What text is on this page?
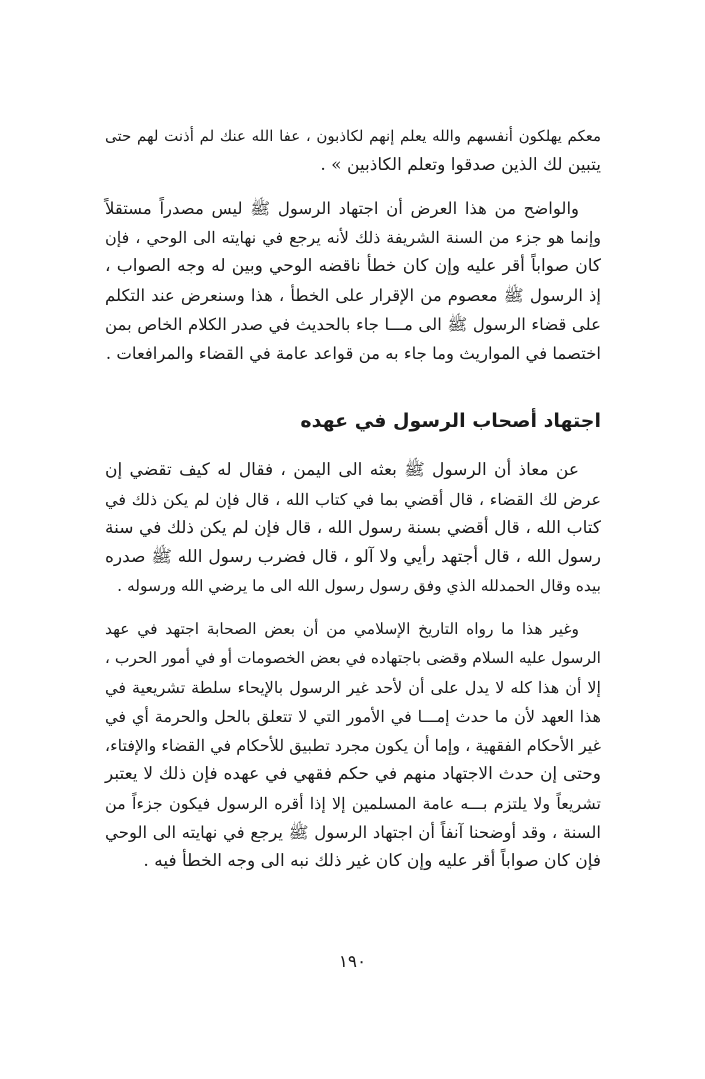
معكم يهلكون أنفسهم والله يعلم إنهم لكاذبون ، عفا الله عنك لم أذنت لهم حتى
يتبين لك الذين صدقوا وتعلم الكاذبين » .
والواضح من هذا العرض أن اجتهاد الرسول ﷺ ليس مصدراً مستقلاً
وإنما هو جزء من السنة الشريفة ذلك لأنه يرجع في نهايته الى الوحي ، فإن
كان صواباً أقر عليه وإن كان خطأ ناقضه الوحي وبين له وجه الصواب ،
إذ الرسول ﷺ معصوم من الإقرار على الخطأ ، هذا وسنعرض عند التكلم
على قضاء الرسول ﷺ الى مـــا جاء بالحديث في صدر الكلام الخاص بمن
اختصما في المواريث وما جاء به من قواعد عامة في القضاء والمرافعات .
اجتهاد أصحاب الرسول في عهده
عن معاذ أن الرسول ﷺ بعثه الى اليمن ، فقال له كيف تقضي إن
عرض لك القضاء ، قال أقضي بما في كتاب الله ، قال فإن لم يكن ذلك في
كتاب الله ، قال أقضي بسنة رسول الله ، قال فإن لم يكن ذلك في سنة
رسول الله ، قال أجتهد رأيي ولا آلو ، قال فضرب رسول الله ﷺ صدره
بيده وقال الحمدلله الذي وفق رسول رسول الله الى ما يرضي الله ورسوله .
وغير هذا ما رواه التاريخ الإسلامي من أن بعض الصحابة اجتهد في عهد
الرسول عليه السلام وقضى باجتهاده في بعض الخصومات أو في أمور الحرب ،
إلا أن هذا كله لا يدل على أن لأحد غير الرسول بالإيحاء سلطة تشريعية في
هذا العهد لأن ما حدث إمـــا في الأمور التي لا تتعلق بالحل والحرمة أي في
غير الأحكام الفقهية ، وإما أن يكون مجرد تطبيق للأحكام في القضاء والإفتاء،
وحتى إن حدث الاجتهاد منهم في حكم فقهي في عهده فإن ذلك لا يعتبر
تشريعاً ولا يلتزم بـــه عامة المسلمين إلا إذا أقره الرسول فيكون جزءاً من
السنة ، وقد أوضحنا آنفاً أن اجتهاد الرسول ﷺ يرجع في نهايته الى الوحي
فإن كان صواباً أقر عليه وإن كان غير ذلك نبه الى وجه الخطأ فيه .
١٩٠
